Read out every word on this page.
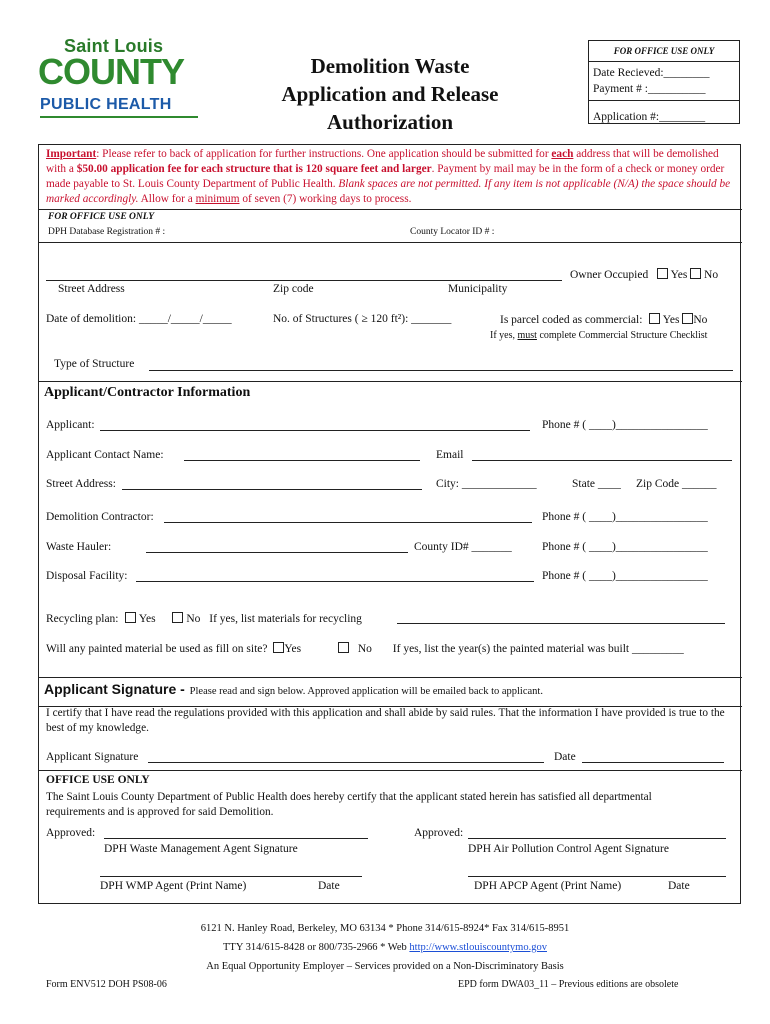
Saint Louis
COUNTY
PUBLIC HEALTH
Demolition Waste
Application and Release
Authorization
FOR OFFICE USE ONLY
Date Recieved:________
Payment # :__________
Application #:________
Important: Please refer to back of application for further instructions. One application should be submitted for each address that will be demolished with a $50.00 application fee for each structure that is 120 square feet and larger. Payment by mail may be in the form of a check or money order made payable to St. Louis County Department of Public Health. Blank spaces are not permitted. If any item is not applicable (N/A) the space should be marked accordingly. Allow for a minimum of seven (7) working days to process.
FOR OFFICE USE ONLY
DPH Database Registration # :	County Locator ID # :
Owner Occupied Yes No
Street Address	Zip code	Municipality
Date of demolition: _____/_____/_____	No. of Structures ( ≥ 120 ft²): _______	Is parcel coded as commercial: Yes No
If yes, must complete Commercial Structure Checklist
Type of Structure
Applicant/Contractor Information
Applicant:	Phone # ( ____)________________
Applicant Contact Name:	Email
Street Address:	City: _____________	State ____ Zip Code ______
Demolition Contractor:	Phone # ( ____)________________
Waste Hauler:	County ID# _______	Phone # ( ____)________________
Disposal Facility:	Phone # ( ____)________________
Recycling plan: Yes	No If yes, list materials for recycling
Will any painted material be used as fill on site? Yes	No If yes, list the year(s) the painted material was built _________
Applicant Signature - Please read and sign below. Approved application will be emailed back to applicant.
I certify that I have read the regulations provided with this application and shall abide by said rules. That the information I have provided is true to the best of my knowledge.
Applicant Signature	Date
OFFICE USE ONLY
The Saint Louis County Department of Public Health does hereby certify that the applicant stated herein has satisfied all departmental requirements and is approved for said Demolition.
Approved:	Approved:
DPH Waste Management Agent Signature	DPH Air Pollution Control Agent Signature
DPH WMP Agent (Print Name)	Date	DPH APCP Agent (Print Name)	Date
6121 N. Hanley Road, Berkeley, MO 63134 * Phone 314/615-8924* Fax 314/615-8951
TTY 314/615-8428 or 800/735-2966 * Web http://www.stlouiscountymo.gov
An Equal Opportunity Employer – Services provided on a Non-Discriminatory Basis
Form ENV512 DOH PS08-06	EPD form DWA03_11 – Previous editions are obsolete
